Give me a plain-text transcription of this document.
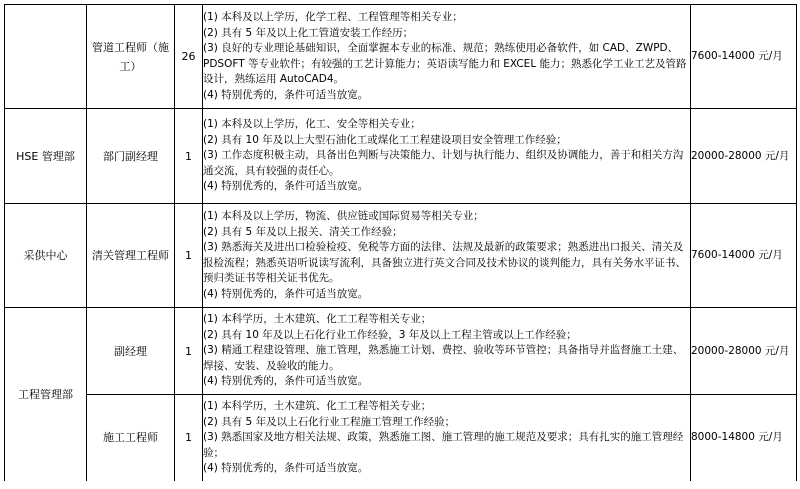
	管道工程师（施工）	26	(1) 本科及以上学历，化学工程、工程管理等相关专业；
(2) 具有 5 年及以上化工管道安装工作经历；
(3) 良好的专业理论基础知识，全面掌握本专业的标准、规范；熟练使用必备软件，如 CAD、ZWPD、PDSOFT 等专业软件；有较强的工艺计算能力；英语读写能力和 EXCEL 能力；熟悉化学工业工艺及管路设计，熟练运用 AutoCAD4。
(4) 特别优秀的，条件可适当放宽。	7600-14000 元/月
HSE 管理部	部门副经理	1	(1) 本科及以上学历，化工、安全等相关专业；
(2) 具有 10 年及以上大型石油化工或煤化工工程建设项目安全管理工作经验；
(3) 工作态度积极主动，具备出色判断与决策能力、计划与执行能力、组织及协调能力，善于和相关方沟通交流，具有较强的责任心。
(4) 特别优秀的，条件可适当放宽。	20000-28000 元/月
采供中心	清关管理工程师	1	(1) 本科及以上学历，物流、供应链或国际贸易等相关专业；
(2) 具有 5 年及以上报关、清关工作经验；
(3) 熟悉海关及进出口检验检疫、免税等方面的法律、法规及最新的政策要求；熟悉进出口报关、清关及报检流程；熟悉英语听说读写流利，具备独立进行英文合同及技术协议的谈判能力，具有关务水平证书、预归类证书等相关证书优先。
(4) 特别优秀的，条件可适当放宽。	7600-14000 元/月
工程管理部	副经理	1	(1) 本科学历，土木建筑、化工工程等相关专业；
(2) 具有 10 年及以上石化行业工作经验，3 年及以上工程主管或以上工作经验；
(3) 精通工程建设管理、施工管理，熟悉施工计划、费控、验收等环节管控；具备指导并监督施工土建、焊接、安装、及验收的能力。
(4) 特别优秀的，条件可适当放宽。	20000-28000 元/月
	施工工程师	1	(1) 本科学历，土木建筑、化工工程等相关专业；
(2) 具有 5 年及以上石化行业工程施工管理工作经验；
(3) 熟悉国家及地方相关法规、政策，熟悉施工图、施工管理的施工规范及要求；具有扎实的施工管理经验；
(4) 特别优秀的，条件可适当放宽。	8000-14800 元/月
